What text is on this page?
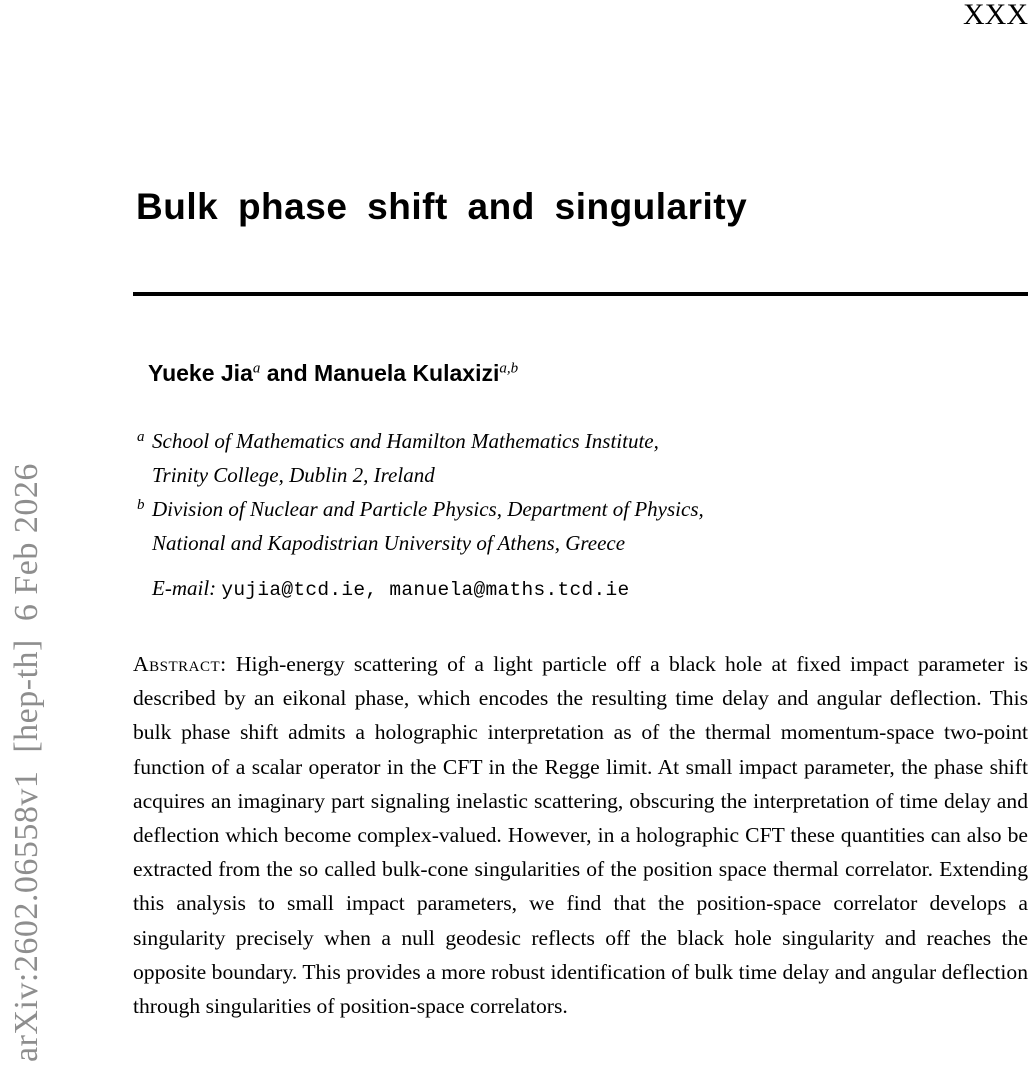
XXX
arXiv:2602.06558v1  [hep-th]  6 Feb 2026
Bulk phase shift and singularity
Yueke Jia$^a$ and Manuela Kulaxizi$^{a,b}$
a School of Mathematics and Hamilton Mathematics Institute,
Trinity College, Dublin 2, Ireland
b Division of Nuclear and Particle Physics, Department of Physics,
National and Kapodistrian University of Athens, Greece
E-mail: yujia@tcd.ie, manuela@maths.tcd.ie

Abstract: High-energy scattering of a light particle off a black hole at fixed impact parameter is described by an eikonal phase, which encodes the resulting time delay and angular deflection. This bulk phase shift admits a holographic interpretation as of the thermal momentum-space two-point function of a scalar operator in the CFT in the Regge limit. At small impact parameter, the phase shift acquires an imaginary part signaling inelastic scattering, obscuring the interpretation of time delay and deflection which become complex-valued. However, in a holographic CFT these quantities can also be extracted from the so called bulk-cone singularities of the position space thermal correlator. Extending this analysis to small impact parameters, we find that the position-space correlator develops a singularity precisely when a null geodesic reflects off the black hole singularity and reaches the opposite boundary. This provides a more robust identification of bulk time delay and angular deflection through singularities of position-space correlators.
